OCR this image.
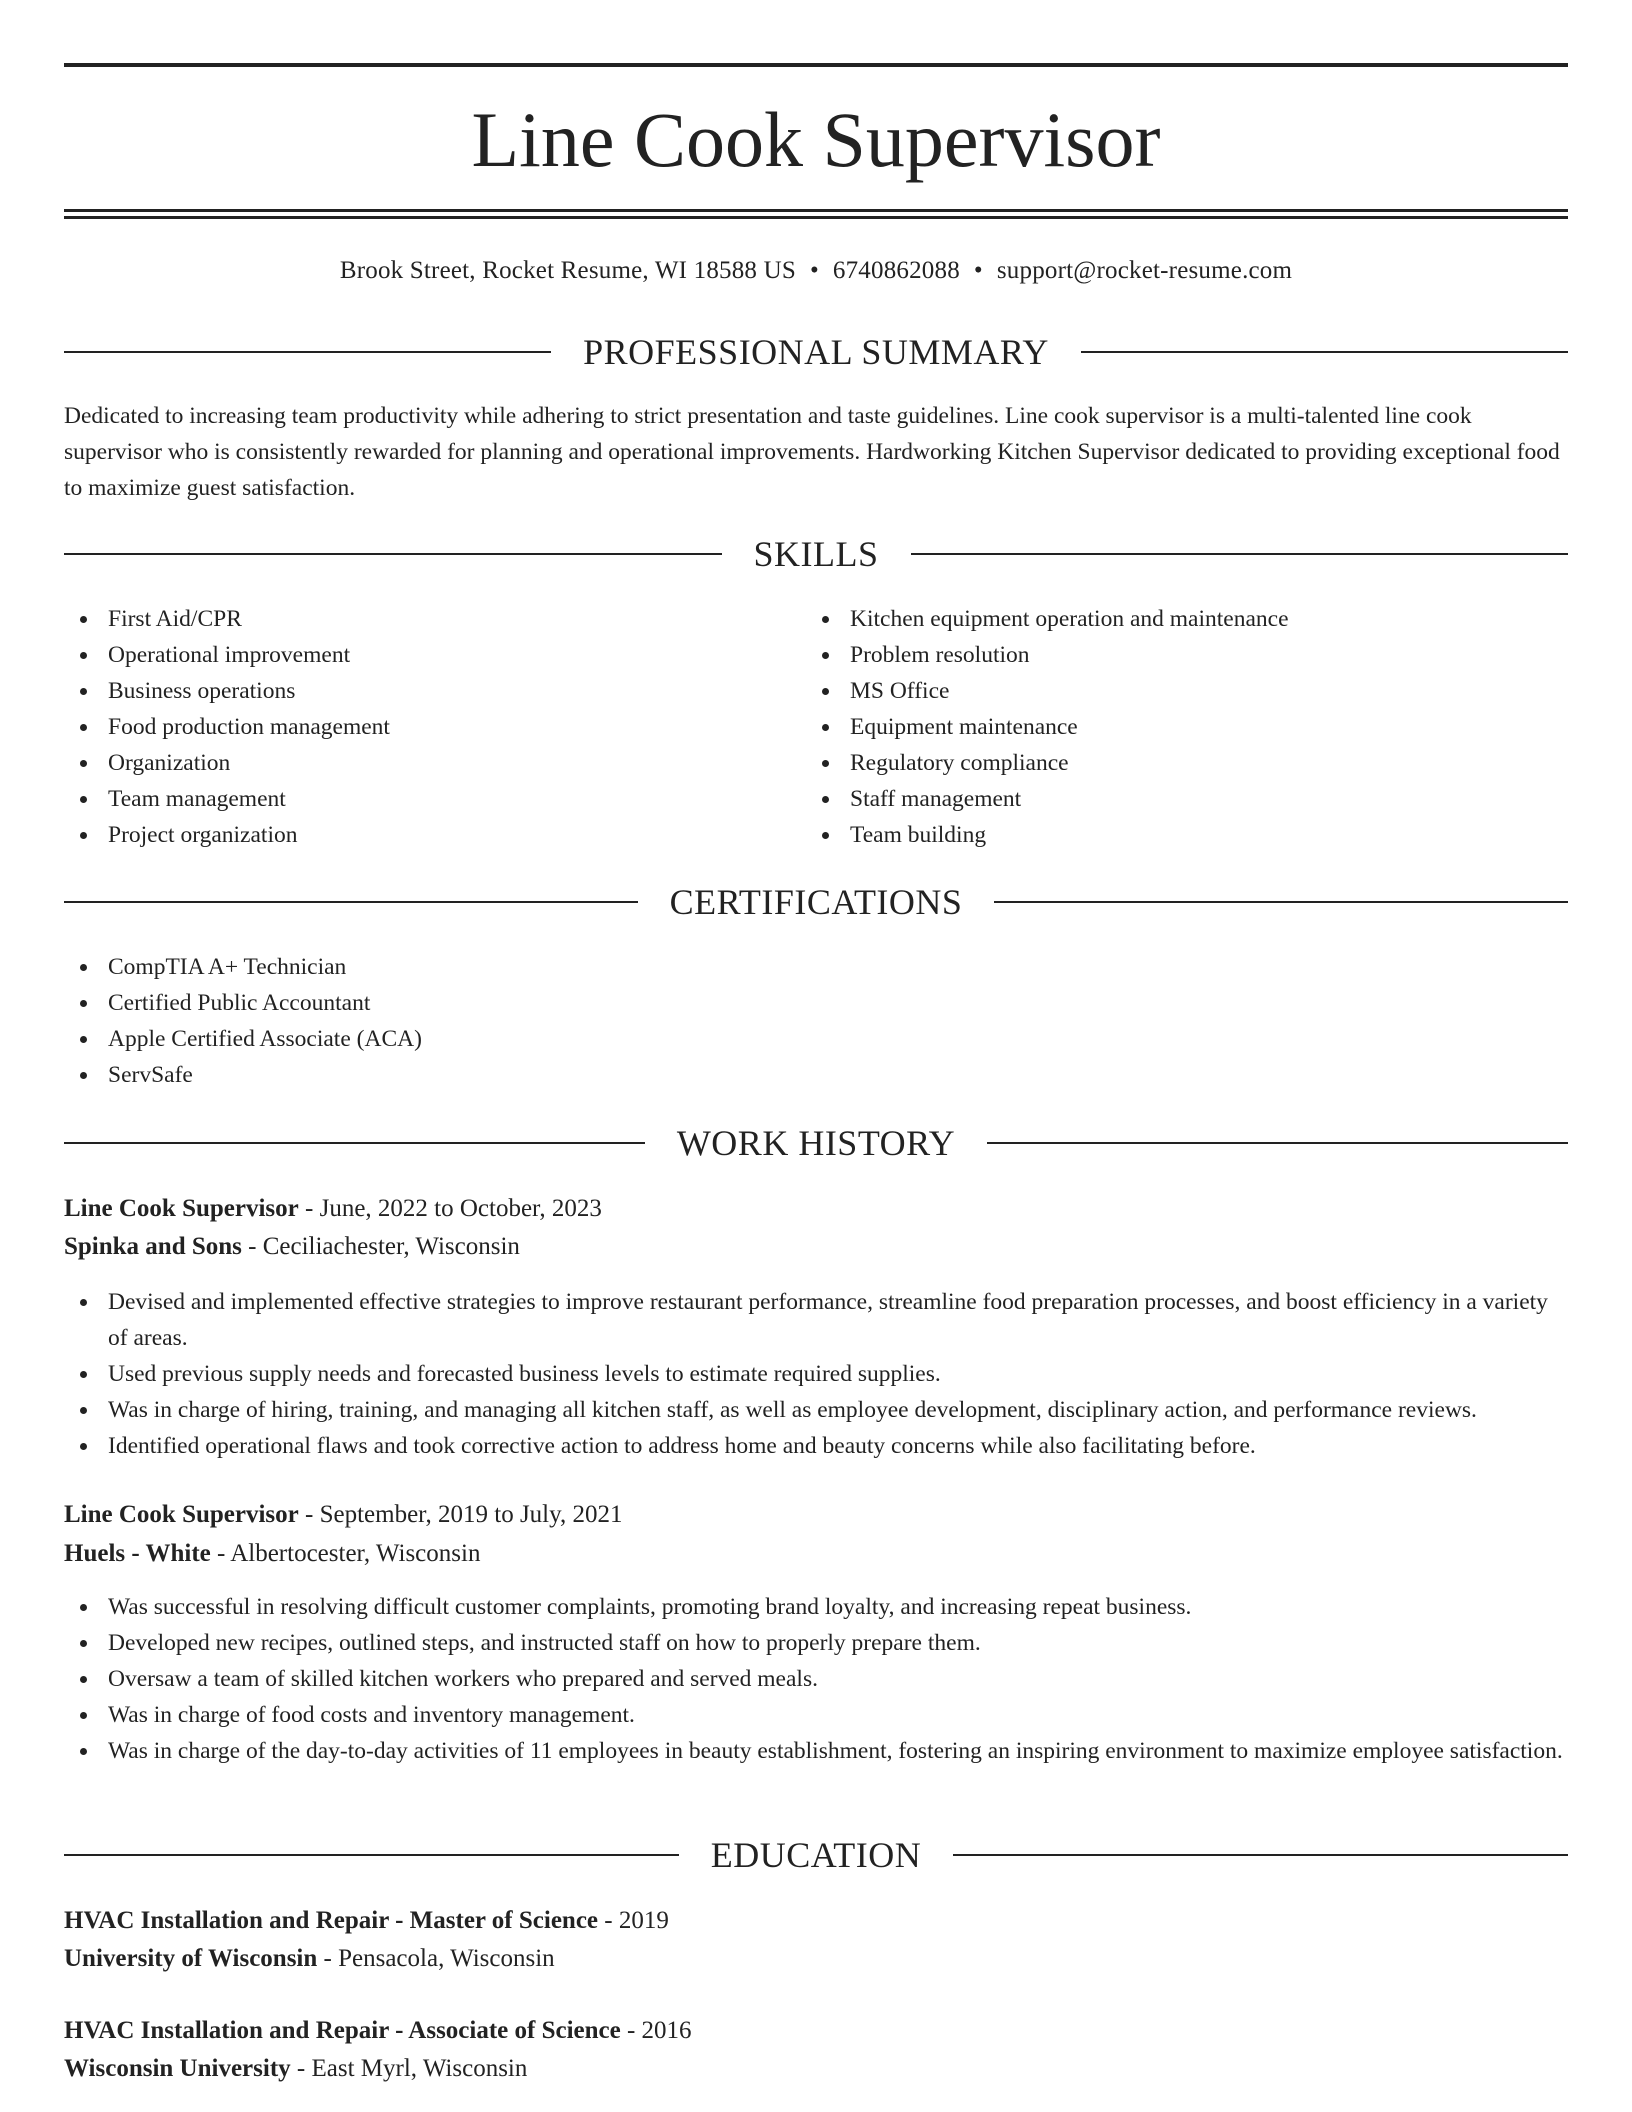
Line Cook Supervisor
Brook Street, Rocket Resume, WI 18588 US • 6740862088 • support@rocket-resume.com
PROFESSIONAL SUMMARY

Dedicated to increasing team productivity while adhering to strict presentation and taste guidelines. Line cook supervisor is a multi-talented line cook supervisor who is consistently rewarded for planning and operational improvements. Hardworking Kitchen Supervisor dedicated to providing exceptional food to maximize guest satisfaction.

SKILLS
First Aid/CPR
Operational improvement
Business operations
Food production management
Organization
Team management
Project organization
Kitchen equipment operation and maintenance
Problem resolution
MS Office
Equipment maintenance
Regulatory compliance
Staff management
Team building
CERTIFICATIONS
CompTIA A+ Technician
Certified Public Accountant
Apple Certified Associate (ACA)
ServSafe
WORK HISTORY
Line Cook Supervisor - June, 2022 to October, 2023
Spinka and Sons - Ceciliachester, Wisconsin
Devised and implemented effective strategies to improve restaurant performance, streamline food preparation processes, and boost efficiency in a variety of areas.
Used previous supply needs and forecasted business levels to estimate required supplies.
Was in charge of hiring, training, and managing all kitchen staff, as well as employee development, disciplinary action, and performance reviews.
Identified operational flaws and took corrective action to address home and beauty concerns while also facilitating before.
Line Cook Supervisor - September, 2019 to July, 2021
Huels - White - Albertocester, Wisconsin
Was successful in resolving difficult customer complaints, promoting brand loyalty, and increasing repeat business.
Developed new recipes, outlined steps, and instructed staff on how to properly prepare them.
Oversaw a team of skilled kitchen workers who prepared and served meals.
Was in charge of food costs and inventory management.
Was in charge of the day-to-day activities of 11 employees in beauty establishment, fostering an inspiring environment to maximize employee satisfaction.
EDUCATION
HVAC Installation and Repair - Master of Science - 2019
University of Wisconsin - Pensacola, Wisconsin
HVAC Installation and Repair - Associate of Science - 2016
Wisconsin University - East Myrl, Wisconsin
